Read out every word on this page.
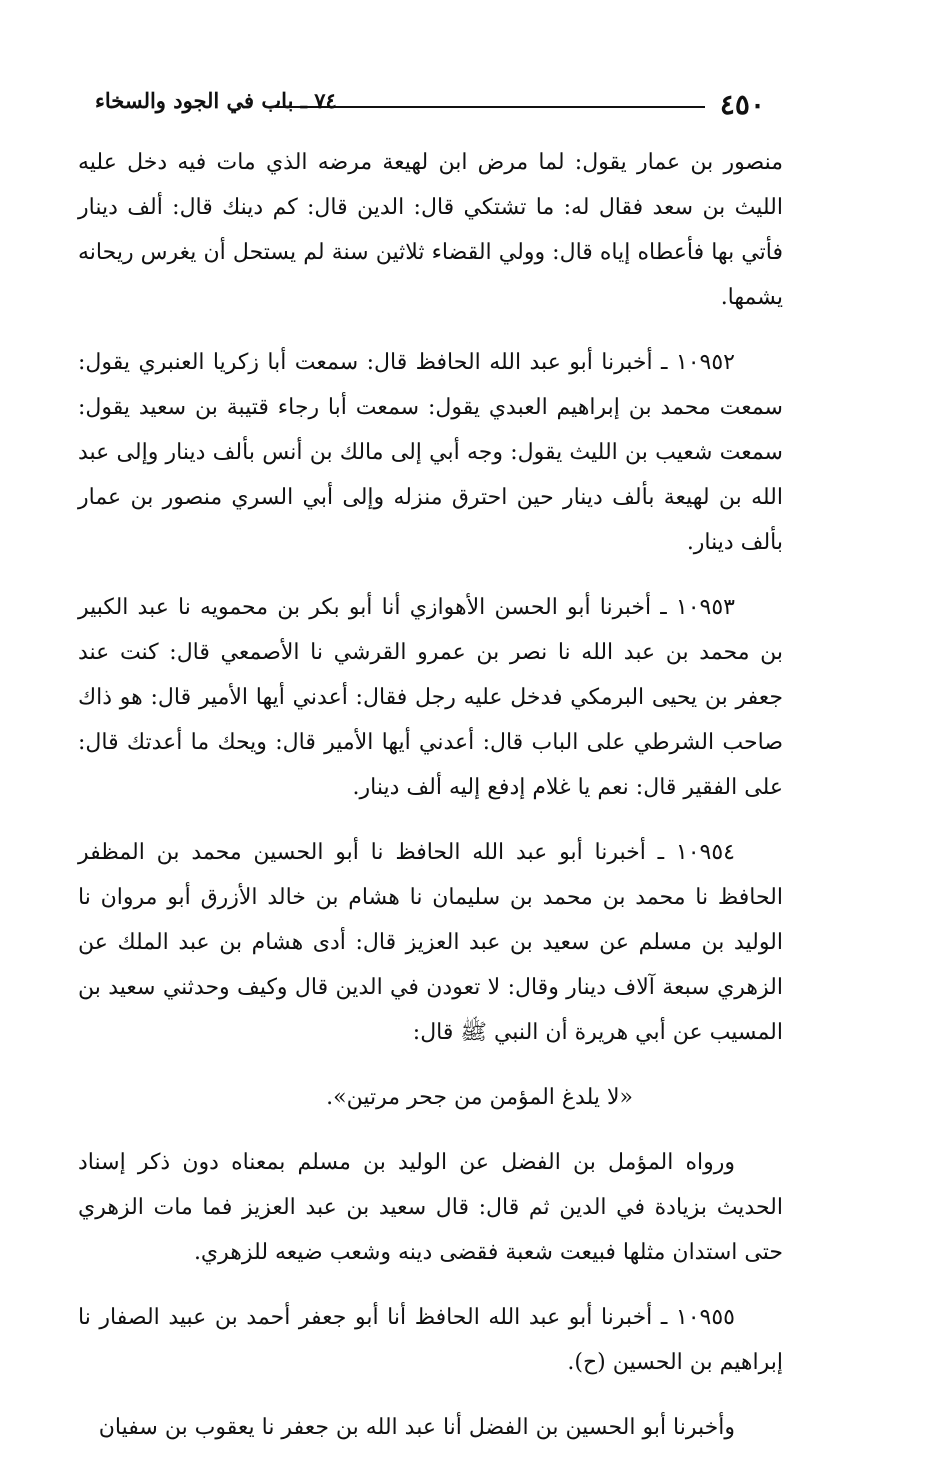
٤٥٠
٧٤ ـ باب في الجود والسخاء

منصور بن عمار يقول: لما مرض ابن لهيعة مرضه الذي مات فيه دخل عليه الليث بن سعد فقال له: ما تشتكي قال: الدين قال: كم دينك قال: ألف دينار فأتي بها فأعطاه إياه قال: وولي القضاء ثلاثين سنة لم يستحل أن يغرس ريحانه يشمها.

١٠٩٥٢ ـ أخبرنا أبو عبد الله الحافظ قال: سمعت أبا زكريا العنبري يقول: سمعت محمد بن إبراهيم العبدي يقول: سمعت أبا رجاء قتيبة بن سعيد يقول: سمعت شعيب بن الليث يقول: وجه أبي إلى مالك بن أنس بألف دينار وإلى عبد الله بن لهيعة بألف دينار حين احترق منزله وإلى أبي السري منصور بن عمار بألف دينار.

١٠٩٥٣ ـ أخبرنا أبو الحسن الأهوازي أنا أبو بكر بن محمويه نا عبد الكبير بن محمد بن عبد الله نا نصر بن عمرو القرشي نا الأصمعي قال: كنت عند جعفر بن يحيى البرمكي فدخل عليه رجل فقال: أعدني أيها الأمير قال: هو ذاك صاحب الشرطي على الباب قال: أعدني أيها الأمير قال: ويحك ما أعدتك قال: على الفقير قال: نعم يا غلام إدفع إليه ألف دينار.

١٠٩٥٤ ـ أخبرنا أبو عبد الله الحافظ نا أبو الحسين محمد بن المظفر الحافظ نا محمد بن محمد بن سليمان نا هشام بن خالد الأزرق أبو مروان نا الوليد بن مسلم عن سعيد بن عبد العزيز قال: أدى هشام بن عبد الملك عن الزهري سبعة آلاف دينار وقال: لا تعودن في الدين قال وكيف وحدثني سعيد بن المسيب عن أبي هريرة أن النبي ﷺ قال:

«لا يلدغ المؤمن من جحر مرتين».

ورواه المؤمل بن الفضل عن الوليد بن مسلم بمعناه دون ذكر إسناد الحديث بزيادة في الدين ثم قال: قال سعيد بن عبد العزيز فما مات الزهري حتى استدان مثلها فبيعت شعبة فقضى دينه وشعب ضيعه للزهري.

١٠٩٥٥ ـ أخبرنا أبو عبد الله الحافظ أنا أبو جعفر أحمد بن عبيد الصفار نا إبراهيم بن الحسين (ح).

وأخبرنا أبو الحسين بن الفضل أنا عبد الله بن جعفر نا يعقوب بن سفيان
